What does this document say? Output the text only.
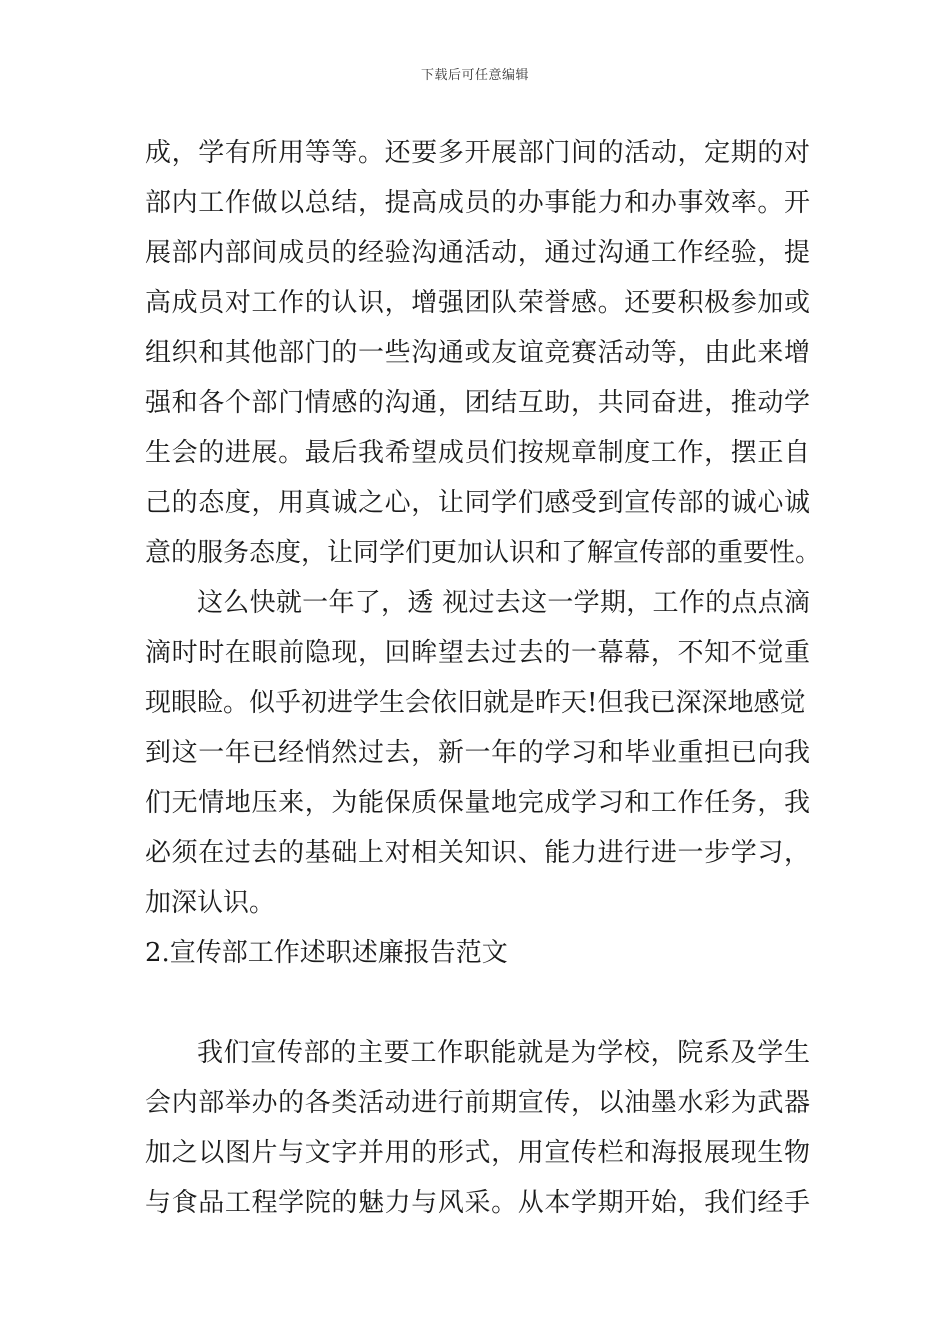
下载后可任意编辑
成，学有所用等等。还要多开展部门间的活动，定期的对
部内工作做以总结，提高成员的办事能力和办事效率。开
展部内部间成员的经验沟通活动，通过沟通工作经验，提
高成员对工作的认识，增强团队荣誉感。还要积极参加或
组织和其他部门的一些沟通或友谊竞赛活动等，由此来增
强和各个部门情感的沟通，团结互助，共同奋进，推动学
生会的进展。最后我希望成员们按规章制度工作，摆正自
己的态度，用真诚之心，让同学们感受到宣传部的诚心诚
意的服务态度，让同学们更加认识和了解宣传部的重要性。
这么快就一年了，透 视过去这一学期，工作的点点滴
滴时时在眼前隐现，回眸望去过去的一幕幕，不知不觉重
现眼睑。似乎初进学生会依旧就是昨天!但我已深深地感觉
到这一年已经悄然过去，新一年的学习和毕业重担已向我
们无情地压来，为能保质保量地完成学习和工作任务，我
必须在过去的基础上对相关知识、能力进行进一步学习，
加深认识。
2.宣传部工作述职述廉报告范文
我们宣传部的主要工作职能就是为学校，院系及学生
会内部举办的各类活动进行前期宣传，以油墨水彩为武器
加之以图片与文字并用的形式，用宣传栏和海报展现生物
与食品工程学院的魅力与风采。从本学期开始，我们经手
